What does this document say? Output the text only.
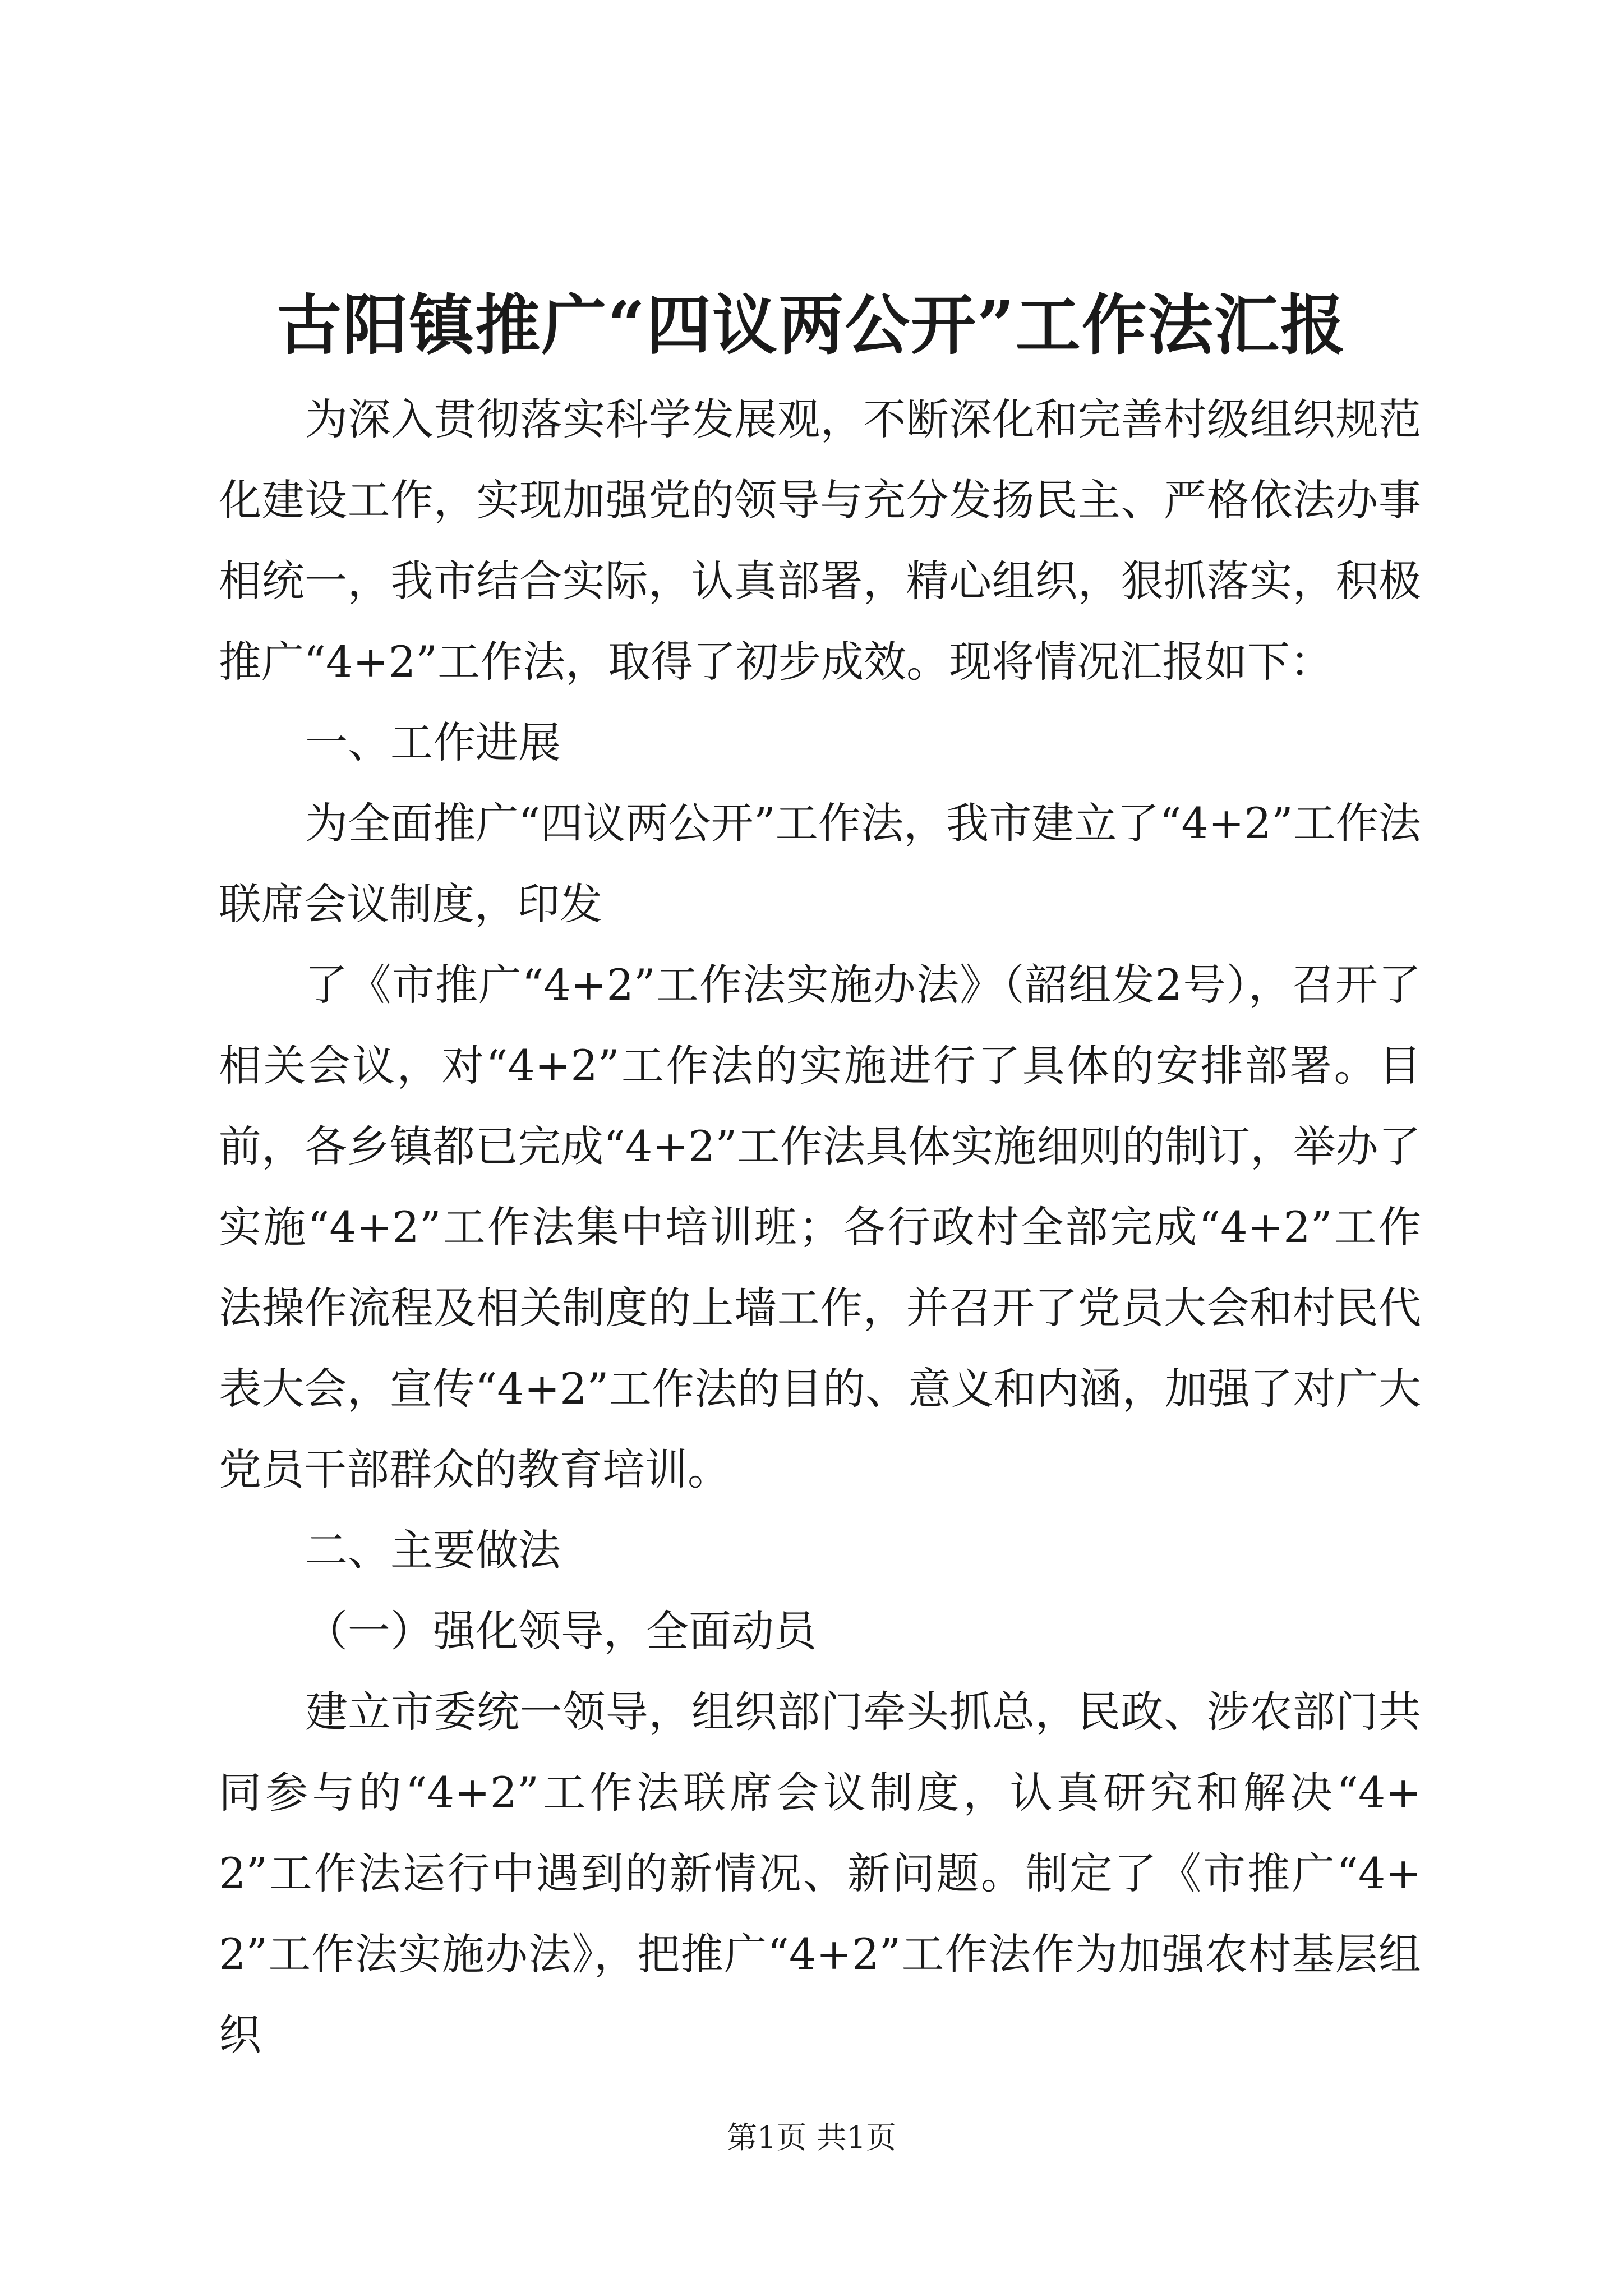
古阳镇推广“四议两公开”工作法汇报

为深入贯彻落实科学发展观，不断深化和完善村级组织规范化建设工作，实现加强党的领导与充分发扬民主、严格依法办事相统一，我市结合实际，认真部署，精心组织，狠抓落实，积极推广“4+2”工作法，取得了初步成效。现将情况汇报如下：

一、工作进展

为全面推广“四议两公开”工作法，我市建立了“4+2”工作法联席会议制度，印发

了《市推广“4+2”工作法实施办法》（韶组发2号），召开了相关会议，对“4+2”工作法的实施进行了具体的安排部署。目前，各乡镇都已完成“4+2”工作法具体实施细则的制订，举办了实施“4+2”工作法集中培训班；各行政村全部完成“4+2”工作法操作流程及相关制度的上墙工作，并召开了党员大会和村民代表大会，宣传“4+2”工作法的目的、意义和内涵，加强了对广大党员干部群众的教育培训。

二、主要做法

（一）强化领导，全面动员

建立市委统一领导，组织部门牵头抓总，民政、涉农部门共同参与的“4+2”工作法联席会议制度，认真研究和解决“4+2”工作法运行中遇到的新情况、新问题。制定了《市推广“4+2”工作法实施办法》，把推广“4+2”工作法作为加强农村基层组织

第1页 共1页
